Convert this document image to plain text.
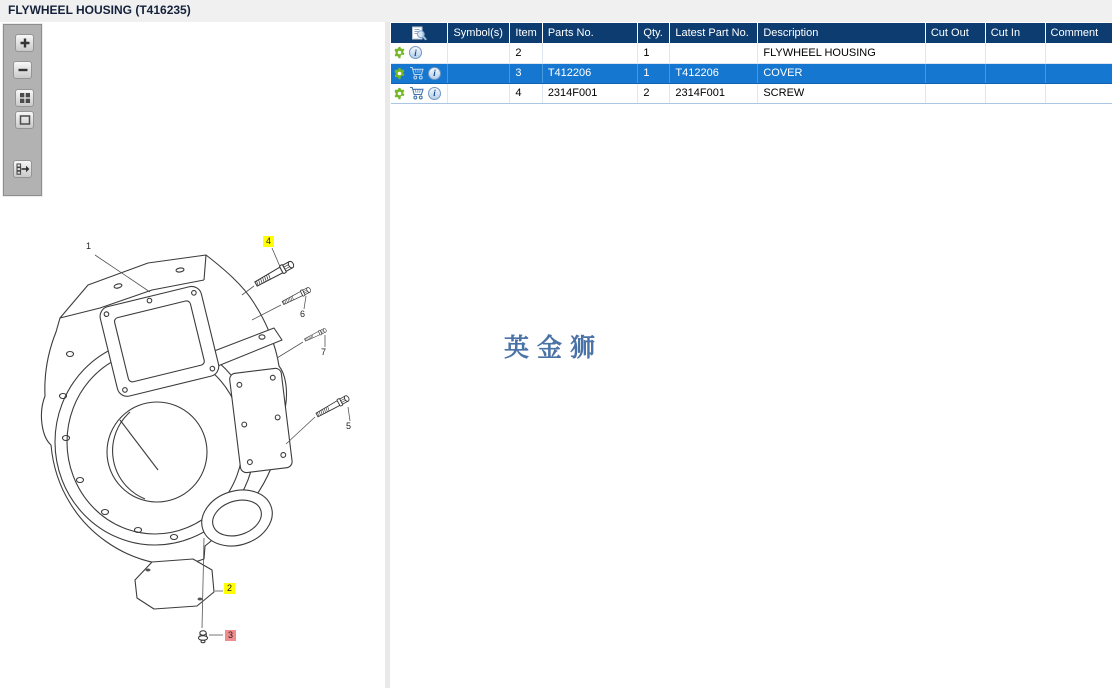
FLYWHEEL HOUSING (T416235)
1	4
6
7
5
2
3
	Symbol(s)	Item	Parts No.	Qty.	Latest Part No.	Description	Cut Out	Cut In	Comment

i
		2		1		FLYWHEEL HOUSING			

i
		3	T412206	1	T412206	COVER			

i
		4	2314F001	2	2314F001	SCREW			
英金狮
